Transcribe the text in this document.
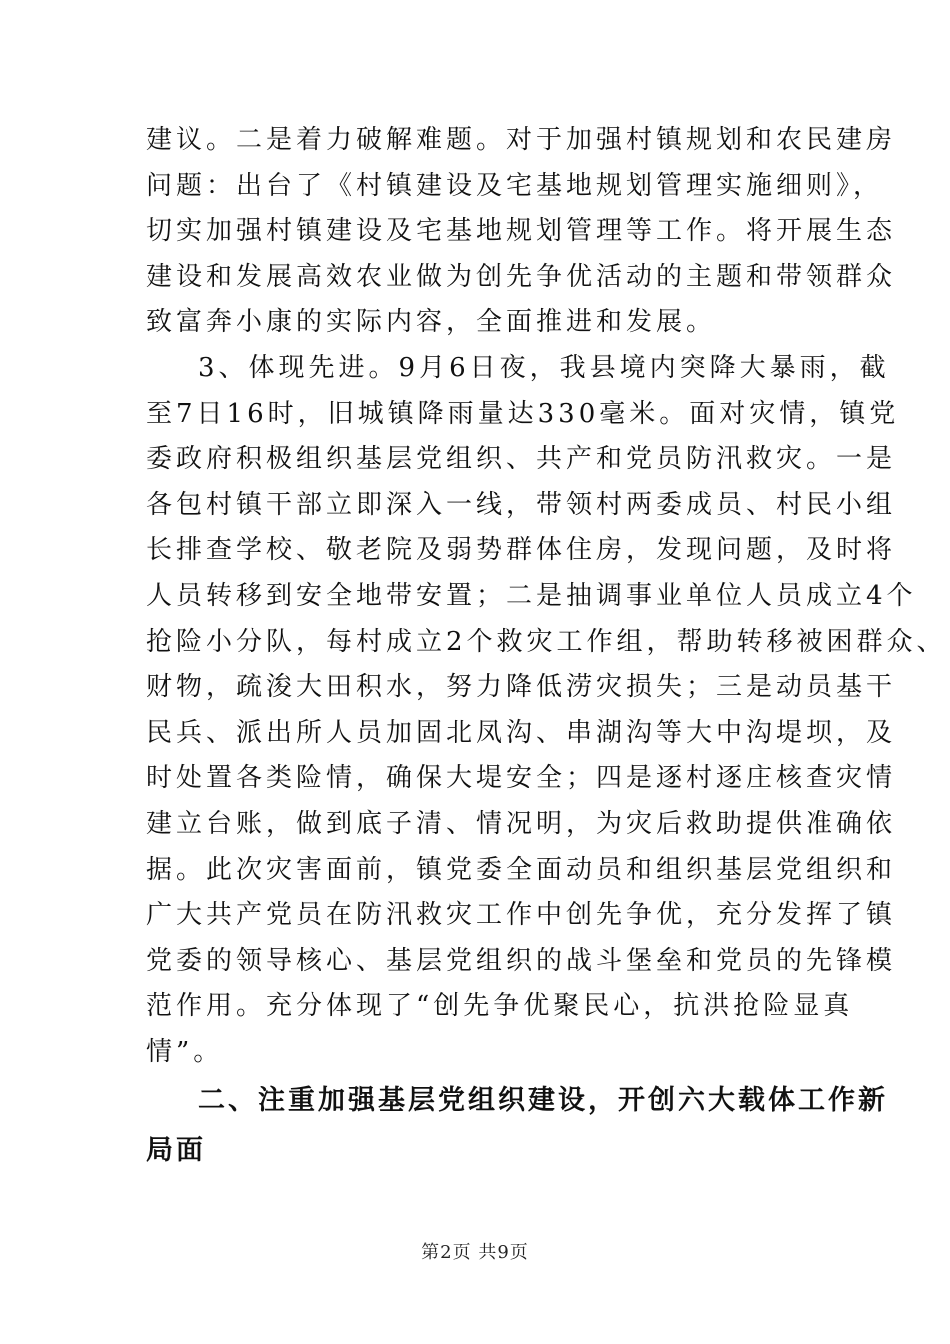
建议。二是着力破解难题。对于加强村镇规划和农民建房
问题：出台了《村镇建设及宅基地规划管理实施细则》，
切实加强村镇建设及宅基地规划管理等工作。将开展生态
建设和发展高效农业做为创先争优活动的主题和带领群众
致富奔小康的实际内容，全面推进和发展。
3、体现先进。9月6日夜，我县境内突降大暴雨，截
至7日16时，旧城镇降雨量达330毫米。面对灾情，镇党
委政府积极组织基层党组织、共产和党员防汛救灾。一是
各包村镇干部立即深入一线，带领村两委成员、村民小组
长排查学校、敬老院及弱势群体住房，发现问题，及时将
人员转移到安全地带安置；二是抽调事业单位人员成立4个
抢险小分队，每村成立2个救灾工作组，帮助转移被困群众、
财物，疏浚大田积水，努力降低涝灾损失；三是动员基干
民兵、派出所人员加固北凤沟、串湖沟等大中沟堤坝，及
时处置各类险情，确保大堤安全；四是逐村逐庄核查灾情
建立台账，做到底子清、情况明，为灾后救助提供准确依
据。此次灾害面前，镇党委全面动员和组织基层党组织和
广大共产党员在防汛救灾工作中创先争优，充分发挥了镇
党委的领导核心、基层党组织的战斗堡垒和党员的先锋模
范作用。充分体现了“创先争优聚民心，抗洪抢险显真
情”。
二、注重加强基层党组织建设，开创六大载体工作新
局面
第2页 共9页
